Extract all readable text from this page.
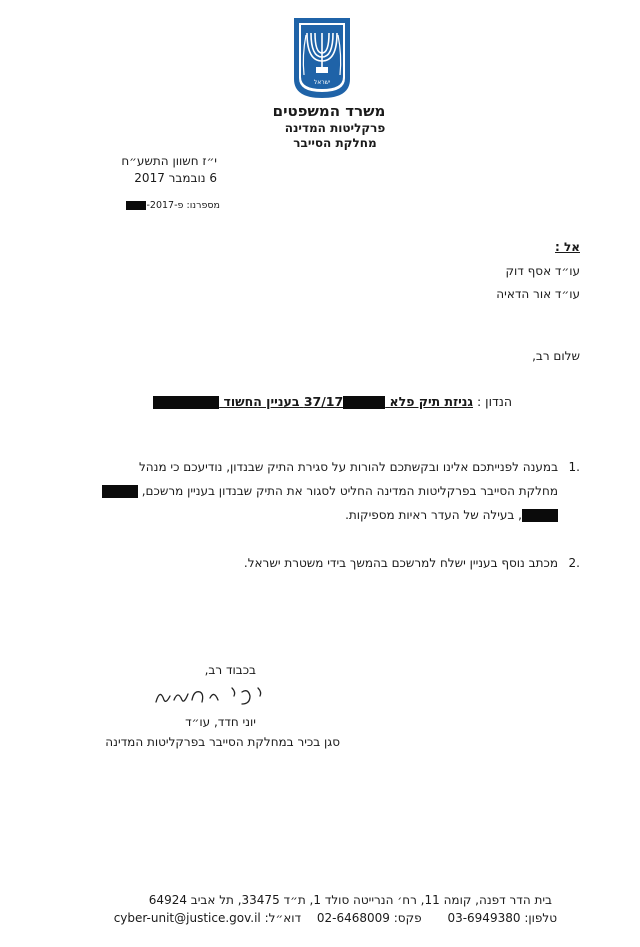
ישראל
משרד המשפטים
פרקליטות המדינה
מחלקת הסייבר
י״ז חשוון התשע״ח
6 נובמבר 2017
מספרנו: פ-2017-
אל :
עו״ד אסף דוק
עו״ד אור הדאיה
שלום רב,
הנדון : גניזת תיק פלא 37/17 בעניין החשוד
.1במענה לפנייתכם אלינו ובקשתכם להורות על סגירת התיק שבנדון, נודיעכם כי מנהל
מחלקת הסייבר בפרקליטות המדינה החליט לסגור את התיק שבנדון בעניין מרשכם,
, בעילה של העדר ראיות מספיקות.
.2מכתב נוסף בעניין ישלח למרשכם בהמשך בידי משטרת ישראל.
בכבוד רב,
יוני חדד, עו״ד
סגן בכיר במחלקת הסייבר בפרקליטות המדינה
בית הדר דפנה, קומה 11, רח׳ הנרייטה סולד 1, ת״ד 33475, תל אביב 64924
טלפון: 03-6949380 פקס: 02-6468009 דוא״ל: cyber-unit@justice.gov.il
